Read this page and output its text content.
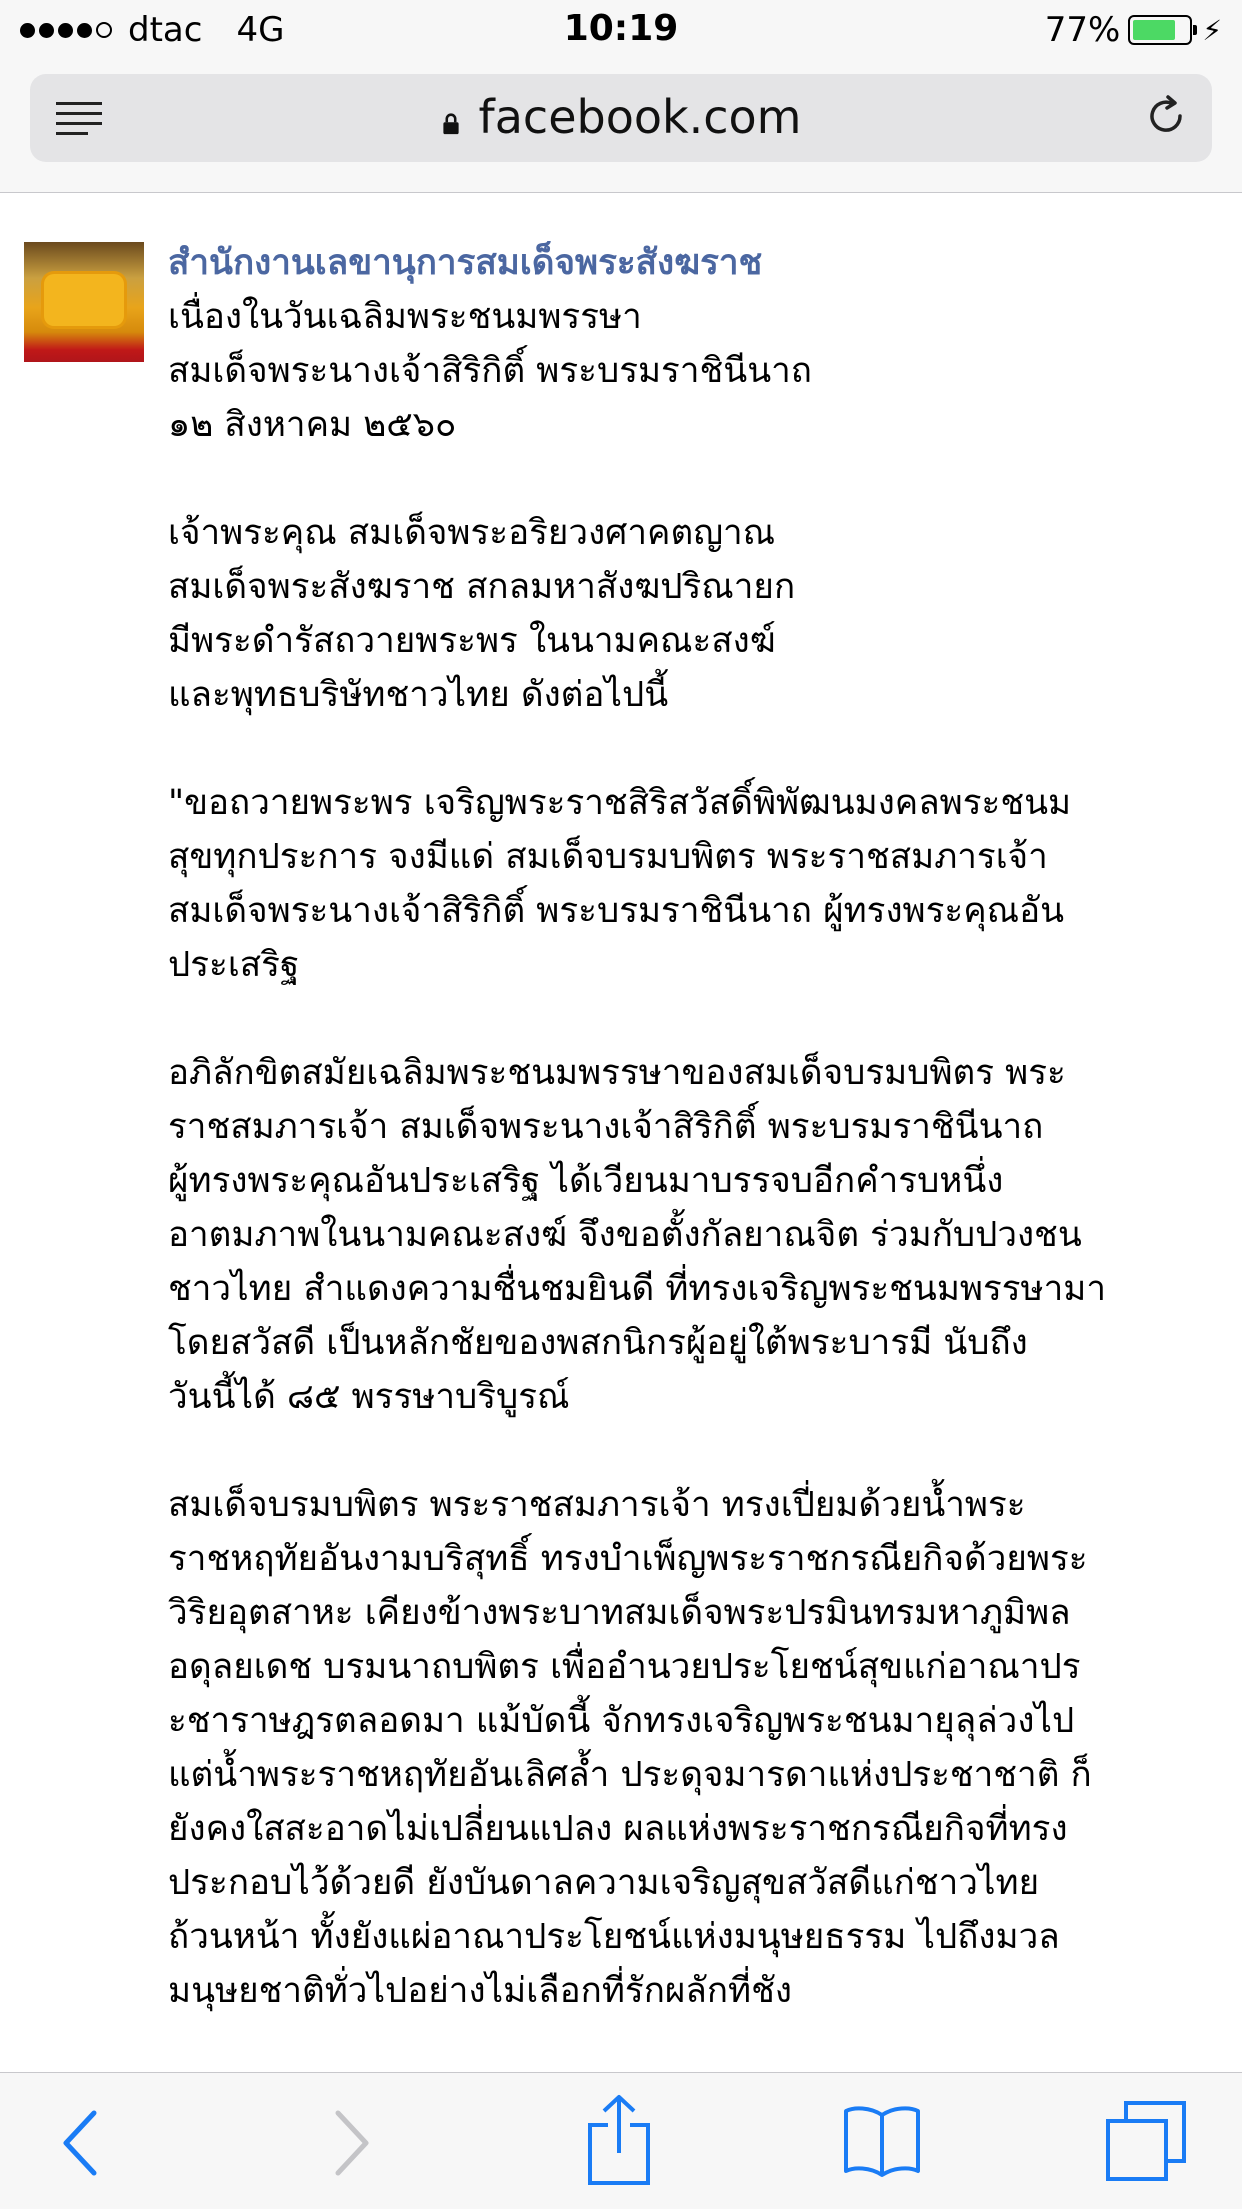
dtac 4G	10:19	77%	⚡
facebook.com
สำนักงานเลขานุการสมเด็จพระสังฆราช

เนื่องในวันเฉลิมพระชนมพรรษา
สมเด็จพระนางเจ้าสิริกิติ์ พระบรมราชินีนาถ
๑๒ สิงหาคม ๒๕๖๐

เจ้าพระคุณ สมเด็จพระอริยวงศาคตญาณ
สมเด็จพระสังฆราช สกลมหาสังฆปริณายก
มีพระดำรัสถวายพระพร ในนามคณะสงฆ์
และพุทธบริษัทชาวไทย ดังต่อไปนี้

"ขอถวายพระพร เจริญพระราชสิริสวัสดิ์พิพัฒนมงคลพระชนม
สุขทุกประการ จงมีแด่ สมเด็จบรมบพิตร พระราชสมภารเจ้า
สมเด็จพระนางเจ้าสิริกิติ์ พระบรมราชินีนาถ ผู้ทรงพระคุณอัน
ประเสริฐ

อภิลักขิตสมัยเฉลิมพระชนมพรรษาของสมเด็จบรมบพิตร พระ
ราชสมภารเจ้า สมเด็จพระนางเจ้าสิริกิติ์ พระบรมราชินีนาถ
ผู้ทรงพระคุณอันประเสริฐ ได้เวียนมาบรรจบอีกคำรบหนึ่ง
อาตมภาพในนามคณะสงฆ์ จึงขอตั้งกัลยาณจิต ร่วมกับปวงชน
ชาวไทย สำแดงความชื่นชมยินดี ที่ทรงเจริญพระชนมพรรษามา
โดยสวัสดี เป็นหลักชัยของพสกนิกรผู้อยู่ใต้พระบารมี นับถึง
วันนี้ได้ ๘๕ พรรษาบริบูรณ์

สมเด็จบรมบพิตร พระราชสมภารเจ้า ทรงเปี่ยมด้วยน้ำพระ
ราชหฤทัยอันงามบริสุทธิ์ ทรงบำเพ็ญพระราชกรณียกิจด้วยพระ
วิริยอุตสาหะ เคียงข้างพระบาทสมเด็จพระปรมินทรมหาภูมิพล
อดุลยเดช บรมนาถบพิตร เพื่ออำนวยประโยชน์สุขแก่อาณาปร
ะชาราษฎรตลอดมา แม้บัดนี้ จักทรงเจริญพระชนมายุลุล่วงไป
แต่น้ำพระราชหฤทัยอันเลิศล้ำ ประดุจมารดาแห่งประชาชาติ ก็
ยังคงใสสะอาดไม่เปลี่ยนแปลง ผลแห่งพระราชกรณียกิจที่ทรง
ประกอบไว้ด้วยดี ยังบันดาลความเจริญสุขสวัสดีแก่ชาวไทย
ถ้วนหน้า ทั้งยังแผ่อาณาประโยชน์แห่งมนุษยธรรม ไปถึงมวล
มนุษยชาติทั่วไปอย่างไม่เลือกที่รักผลักที่ชัง
